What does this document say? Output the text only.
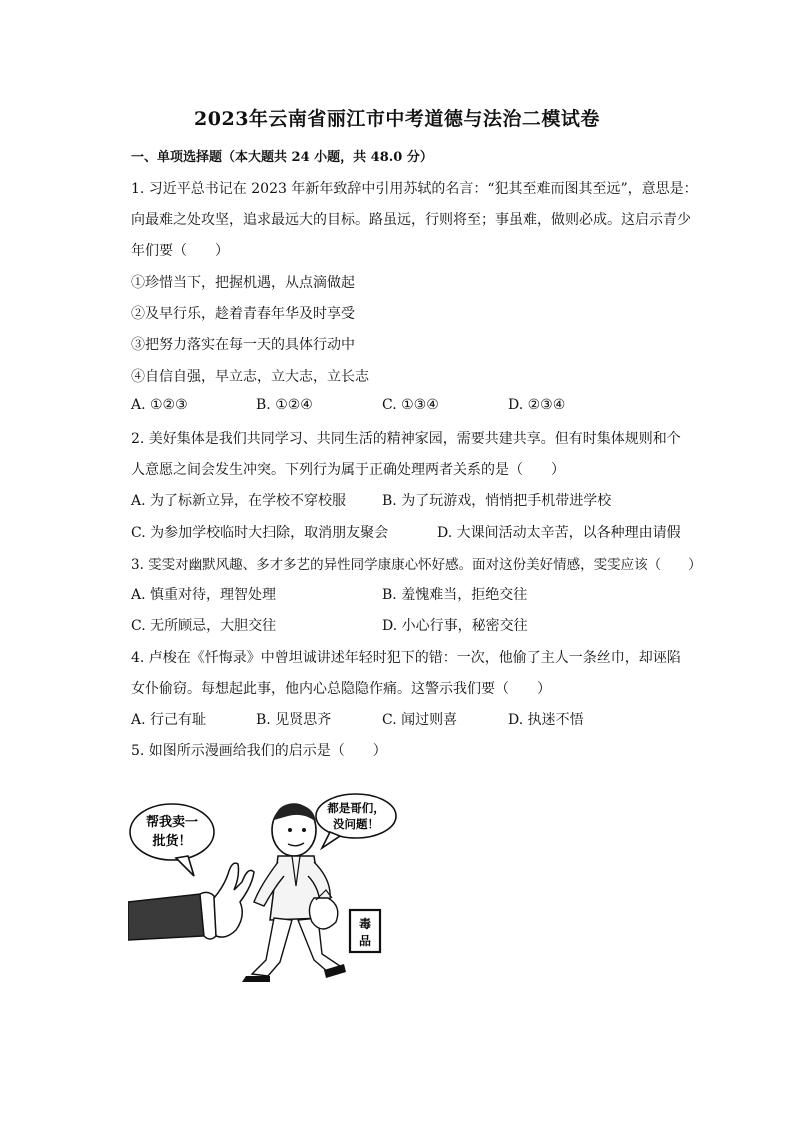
2023年云南省丽江市中考道德与法治二模试卷
一、单项选择题（本大题共 24 小题，共 48.0 分）
1. 习近平总书记在 2023 年新年致辞中引用苏轼的名言：“犯其至难而图其至远”，意思是：
向最难之处攻坚，追求最远大的目标。路虽远，行则将至；事虽难，做则必成。这启示青少
年们要（　　）
①珍惜当下，把握机遇，从点滴做起
②及早行乐，趁着青春年华及时享受
③把努力落实在每一天的具体行动中
④自信自强，早立志，立大志，立长志
A. ①②③	B. ①②④	C. ①③④	D. ②③④
2. 美好集体是我们共同学习、共同生活的精神家园，需要共建共享。但有时集体规则和个
人意愿之间会发生冲突。下列行为属于正确处理两者关系的是（　　）
A. 为了标新立异，在学校不穿校服	B. 为了玩游戏，悄悄把手机带进学校
C. 为参加学校临时大扫除，取消朋友聚会	D. 大课间活动太辛苦，以各种理由请假
3. 雯雯对幽默风趣、多才多艺的异性同学康康心怀好感。面对这份美好情感，雯雯应该（　　）
A. 慎重对待，理智处理	B. 羞愧难当，拒绝交往
C. 无所顾忌，大胆交往	D. 小心行事，秘密交往
4. 卢梭在《忏悔录》中曾坦诚讲述年轻时犯下的错：一次，他偷了主人一条丝巾，却诬陷
女仆偷窃。每想起此事，他内心总隐隐作痛。这警示我们要（　　）
A. 行己有耻	B. 见贤思齐	C. 闻过则喜	D. 执迷不悟
5. 如图所示漫画给我们的启示是（　　）
帮我卖一
批货！
都是哥们，
没问题！
毒
品
